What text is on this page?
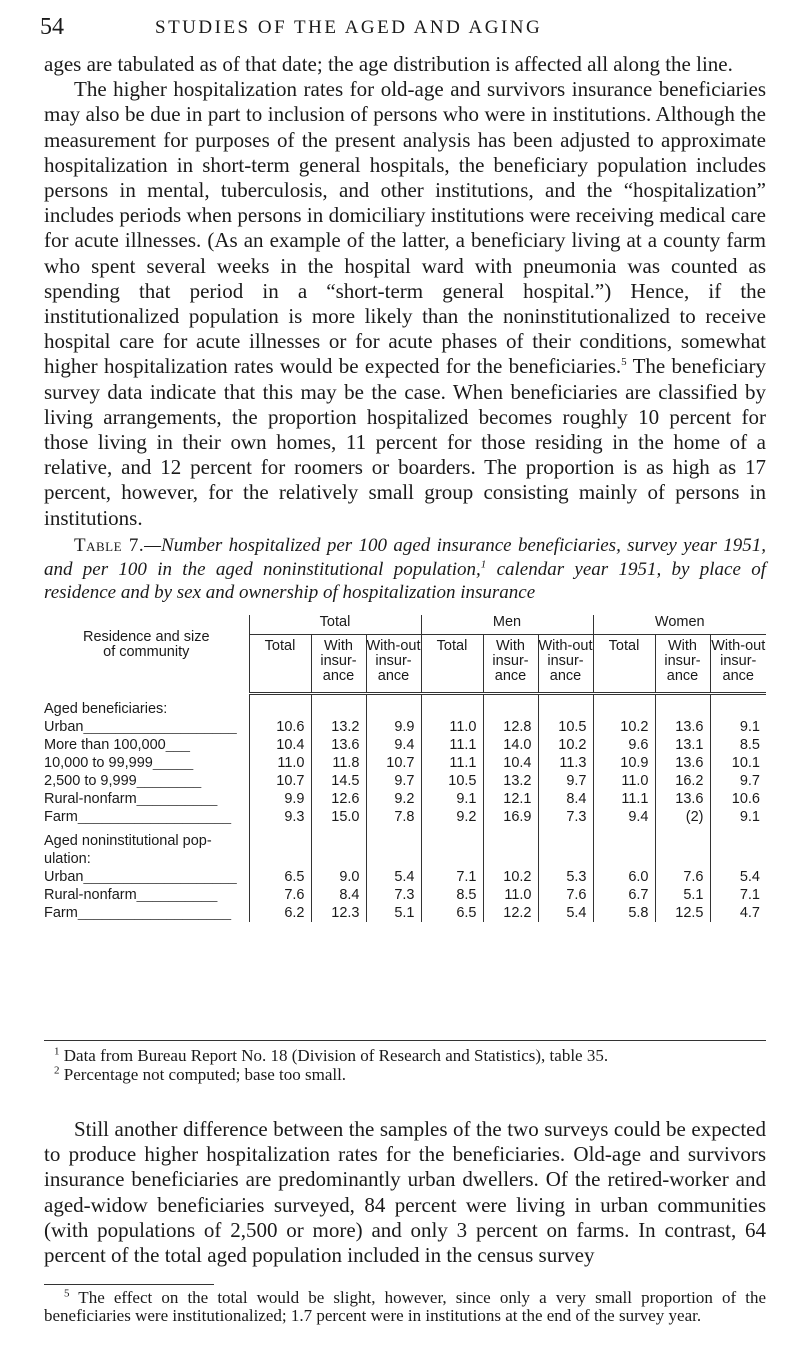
54	STUDIES OF THE AGED AND AGING

ages are tabulated as of that date; the age distribution is affected all along the line.

The higher hospitalization rates for old-age and survivors insurance beneficiaries may also be due in part to inclusion of persons who were in institutions. Although the measurement for purposes of the present analysis has been adjusted to approximate hospitalization in short-term general hospitals, the beneficiary population includes persons in mental, tuberculosis, and other institutions, and the “hospitalization” includes periods when persons in domiciliary institutions were receiving medical care for acute illnesses. (As an example of the latter, a beneficiary living at a county farm who spent several weeks in the hospital ward with pneumonia was counted as spending that period in a “short-term general hospital.”) Hence, if the institutionalized population is more likely than the noninstitutionalized to receive hospital care for acute illnesses or for acute phases of their conditions, somewhat higher hospitalization rates would be expected for the beneficiaries.$^5$ The beneficiary survey data indicate that this may be the case. When beneficiaries are classified by living arrangements, the proportion hospitalized becomes roughly 10 percent for those living in their own homes, 11 percent for those residing in the home of a relative, and 12 percent for roomers or boarders. The proportion is as high as 17 percent, however, for the relatively small group consisting mainly of persons in institutions.

Table 7.—Number hospitalized per 100 aged insurance beneficiaries, survey year 1951, and per 100 in the aged noninstitutional population,$^1$ calendar year 1951, by place of residence and by sex and ownership of hospitalization insurance

Residence and size
of community	Total			Men			Women		
	Total	With insur-ance	With-out insur-ance	Total	With insur-ance	With-out insur-ance	Total	With insur-ance	With-out insur-ance
Aged beneficiaries:									
Urban___________________	10.6	13.2	9.9	11.0	12.8	10.5	10.2	13.6	9.1
More than 100,000___	10.4	13.6	9.4	11.1	14.0	10.2	9.6	13.1	8.5
10,000 to 99,999_____	11.0	11.8	10.7	11.1	10.4	11.3	10.9	13.6	10.1
2,500 to 9,999________	10.7	14.5	9.7	10.5	13.2	9.7	11.0	16.2	9.7
Rural-nonfarm__________	9.9	12.6	9.2	9.1	12.1	8.4	11.1	13.6	10.6
Farm___________________	9.3	15.0	7.8	9.2	16.9	7.3	9.4	(2)	9.1
Aged noninstitutional pop-
ulation:									
Urban___________________	6.5	9.0	5.4	7.1	10.2	5.3	6.0	7.6	5.4
Rural-nonfarm__________	7.6	8.4	7.3	8.5	11.0	7.6	6.7	5.1	7.1
Farm___________________	6.2	12.3	5.1	6.5	12.2	5.4	5.8	12.5	4.7

$^1$ Data from Bureau Report No. 18 (Division of Research and Statistics), table 35.

$^2$ Percentage not computed; base too small.

Still another difference between the samples of the two surveys could be expected to produce higher hospitalization rates for the beneficiaries. Old-age and survivors insurance beneficiaries are predominantly urban dwellers. Of the retired-worker and aged-widow beneficiaries surveyed, 84 percent were living in urban communities (with populations of 2,500 or more) and only 3 percent on farms. In contrast, 64 percent of the total aged population included in the census survey

$^5$ The effect on the total would be slight, however, since only a very small proportion of the beneficiaries were institutionalized; 1.7 percent were in institutions at the end of the survey year.
